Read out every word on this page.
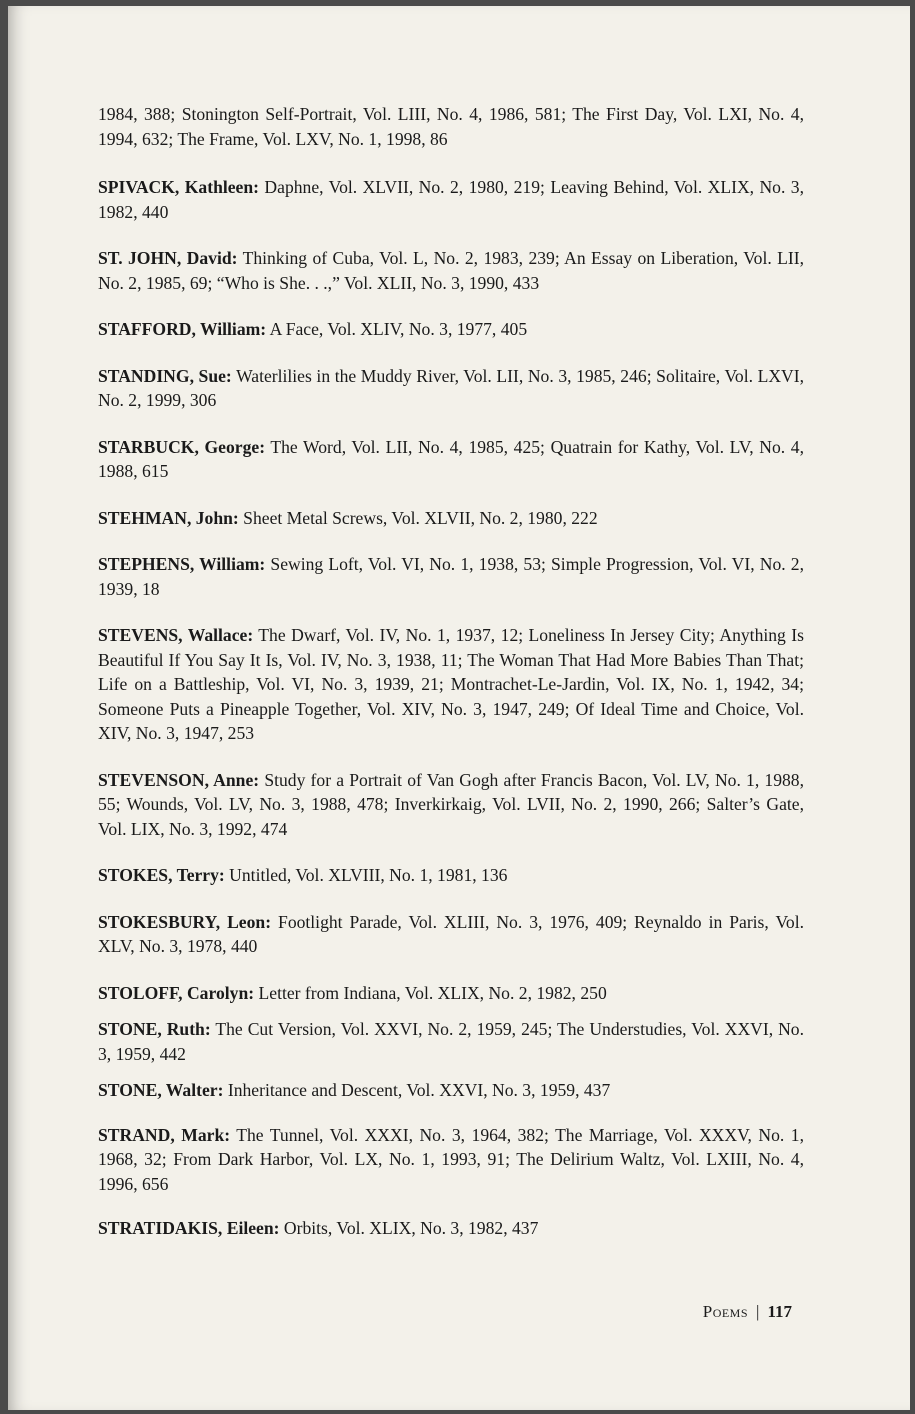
1984, 388; Stonington Self-Portrait, Vol. LIII, No. 4, 1986, 581; The First Day, Vol. LXI, No. 4, 1994, 632; The Frame, Vol. LXV, No. 1, 1998, 86

SPIVACK, Kathleen: Daphne, Vol. XLVII, No. 2, 1980, 219; Leaving Behind, Vol. XLIX, No. 3, 1982, 440

ST. JOHN, David: Thinking of Cuba, Vol. L, No. 2, 1983, 239; An Essay on Liberation, Vol. LII, No. 2, 1985, 69; “Who is She. . .,” Vol. XLII, No. 3, 1990, 433

STAFFORD, William: A Face, Vol. XLIV, No. 3, 1977, 405

STANDING, Sue: Waterlilies in the Muddy River, Vol. LII, No. 3, 1985, 246; Solitaire, Vol. LXVI, No. 2, 1999, 306

STARBUCK, George: The Word, Vol. LII, No. 4, 1985, 425; Quatrain for Kathy, Vol. LV, No. 4, 1988, 615

STEHMAN, John: Sheet Metal Screws, Vol. XLVII, No. 2, 1980, 222

STEPHENS, William: Sewing Loft, Vol. VI, No. 1, 1938, 53; Simple Progression, Vol. VI, No. 2, 1939, 18

STEVENS, Wallace: The Dwarf, Vol. IV, No. 1, 1937, 12; Loneliness In Jersey City; Anything Is Beautiful If You Say It Is, Vol. IV, No. 3, 1938, 11; The Woman That Had More Babies Than That; Life on a Battleship, Vol. VI, No. 3, 1939, 21; Montrachet-Le-Jardin, Vol. IX, No. 1, 1942, 34; Someone Puts a Pineapple Together, Vol. XIV, No. 3, 1947, 249; Of Ideal Time and Choice, Vol. XIV, No. 3, 1947, 253

STEVENSON, Anne: Study for a Portrait of Van Gogh after Francis Bacon, Vol. LV, No. 1, 1988, 55; Wounds, Vol. LV, No. 3, 1988, 478; Inverkirkaig, Vol. LVII, No. 2, 1990, 266; Salter’s Gate, Vol. LIX, No. 3, 1992, 474

STOKES, Terry: Untitled, Vol. XLVIII, No. 1, 1981, 136

STOKESBURY, Leon: Footlight Parade, Vol. XLIII, No. 3, 1976, 409; Reynaldo in Paris, Vol. XLV, No. 3, 1978, 440

STOLOFF, Carolyn: Letter from Indiana, Vol. XLIX, No. 2, 1982, 250

STONE, Ruth: The Cut Version, Vol. XXVI, No. 2, 1959, 245; The Understudies, Vol. XXVI, No. 3, 1959, 442

STONE, Walter: Inheritance and Descent, Vol. XXVI, No. 3, 1959, 437

STRAND, Mark: The Tunnel, Vol. XXXI, No. 3, 1964, 382; The Marriage, Vol. XXXV, No. 1, 1968, 32; From Dark Harbor, Vol. LX, No. 1, 1993, 91; The Delirium Waltz, Vol. LXIII, No. 4, 1996, 656

STRATIDAKIS, Eileen: Orbits, Vol. XLIX, No. 3, 1982, 437

Poems | 117
